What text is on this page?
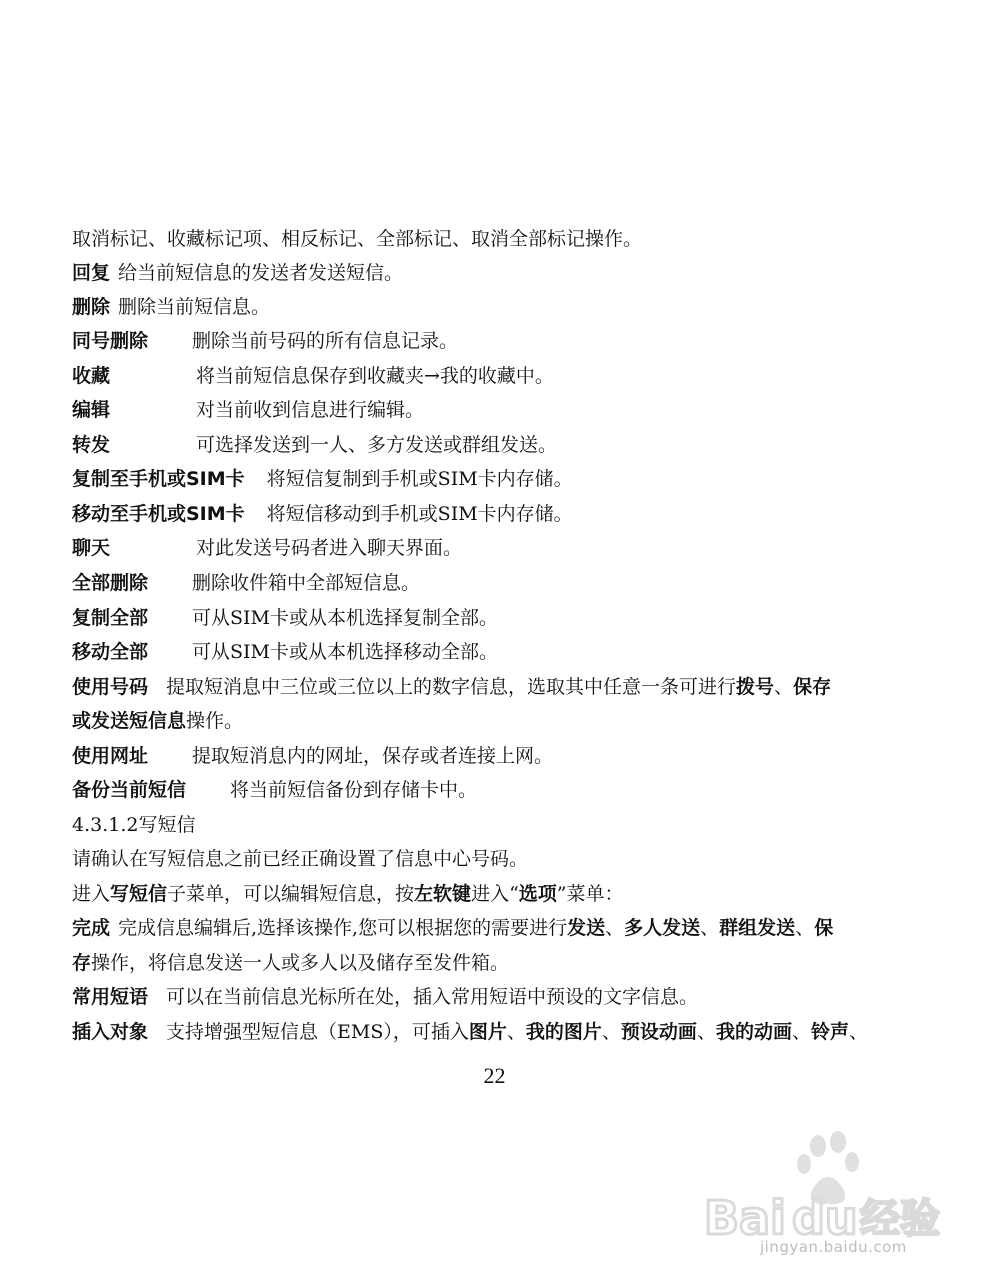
取消标记、收藏标记项、相反标记、全部标记、取消全部标记操作。
回复 给当前短信息的发送者发送短信。
删除 删除当前短信息。
同号删除 删除当前号码的所有信息记录。
收藏	将当前短信息保存到收藏夹→我的收藏中。
编辑	对当前收到信息进行编辑。
转发	可选择发送到一人、多方发送或群组发送。
复制至手机或SIM卡 将短信复制到手机或SIM卡内存储。
移动至手机或SIM卡 将短信移动到手机或SIM卡内存储。
聊天	对此发送号码者进入聊天界面。
全部删除 删除收件箱中全部短信息。
复制全部 可从SIM卡或从本机选择复制全部。
移动全部 可从SIM卡或从本机选择移动全部。
使用号码 提取短消息中三位或三位以上的数字信息，选取其中任意一条可进行拨号、保存
或发送短信息操作。
使用网址 提取短消息内的网址，保存或者连接上网。
备份当前短信 将当前短信备份到存储卡中。
4.3.1.2写短信
请确认在写短信息之前已经正确设置了信息中心号码。
进入写短信子菜单，可以编辑短信息，按左软键进入“选项”菜单：
完成 完成信息编辑后,选择该操作,您可以根据您的需要进行发送、多人发送、群组发送、保
存操作，将信息发送一人或多人以及储存至发件箱。
常用短语 可以在当前信息光标所在处，插入常用短语中预设的文字信息。
插入对象 支持增强型短信息（EMS），可插入图片、我的图片、预设动画、我的动画、铃声、
22
Bai du 经验
jingyan.baidu.com
